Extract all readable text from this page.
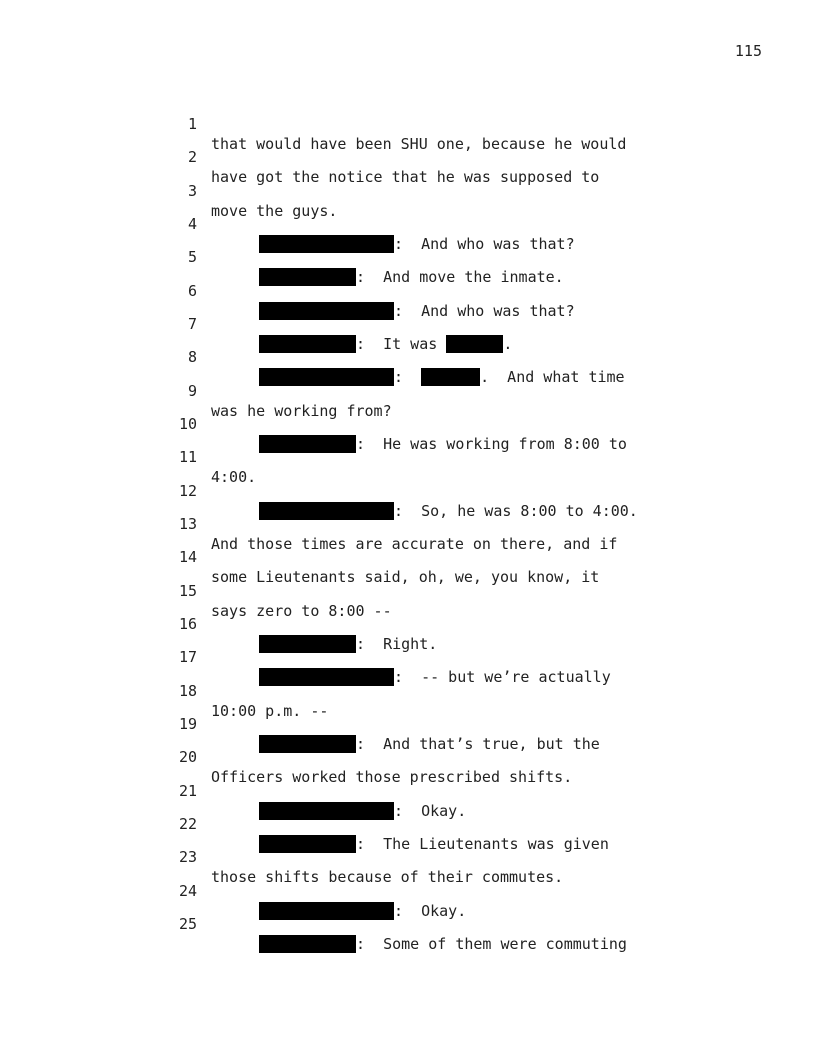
115

1

that would have been SHU one, because he would

2

have got the notice that he was supposed to

3

move the guys.

4

:  And who was that?

5

:  And move the inmate.

6

:  And who was that?

7

:  It was	.

8

:	.  And what time

9

was he working from?

10

:  He was working from 8:00 to

11

4:00.

12

:  So, he was 8:00 to 4:00.

13

And those times are accurate on there, and if

14

some Lieutenants said, oh, we, you know, it

15

says zero to 8:00 --

16

:  Right.

17

:  -- but we’re actually

18

10:00 p.m. --

19

:  And that’s true, but the

20

Officers worked those prescribed shifts.

21

:  Okay.

22

:  The Lieutenants was given

23

those shifts because of their commutes.

24

:  Okay.

25

:  Some of them were commuting
